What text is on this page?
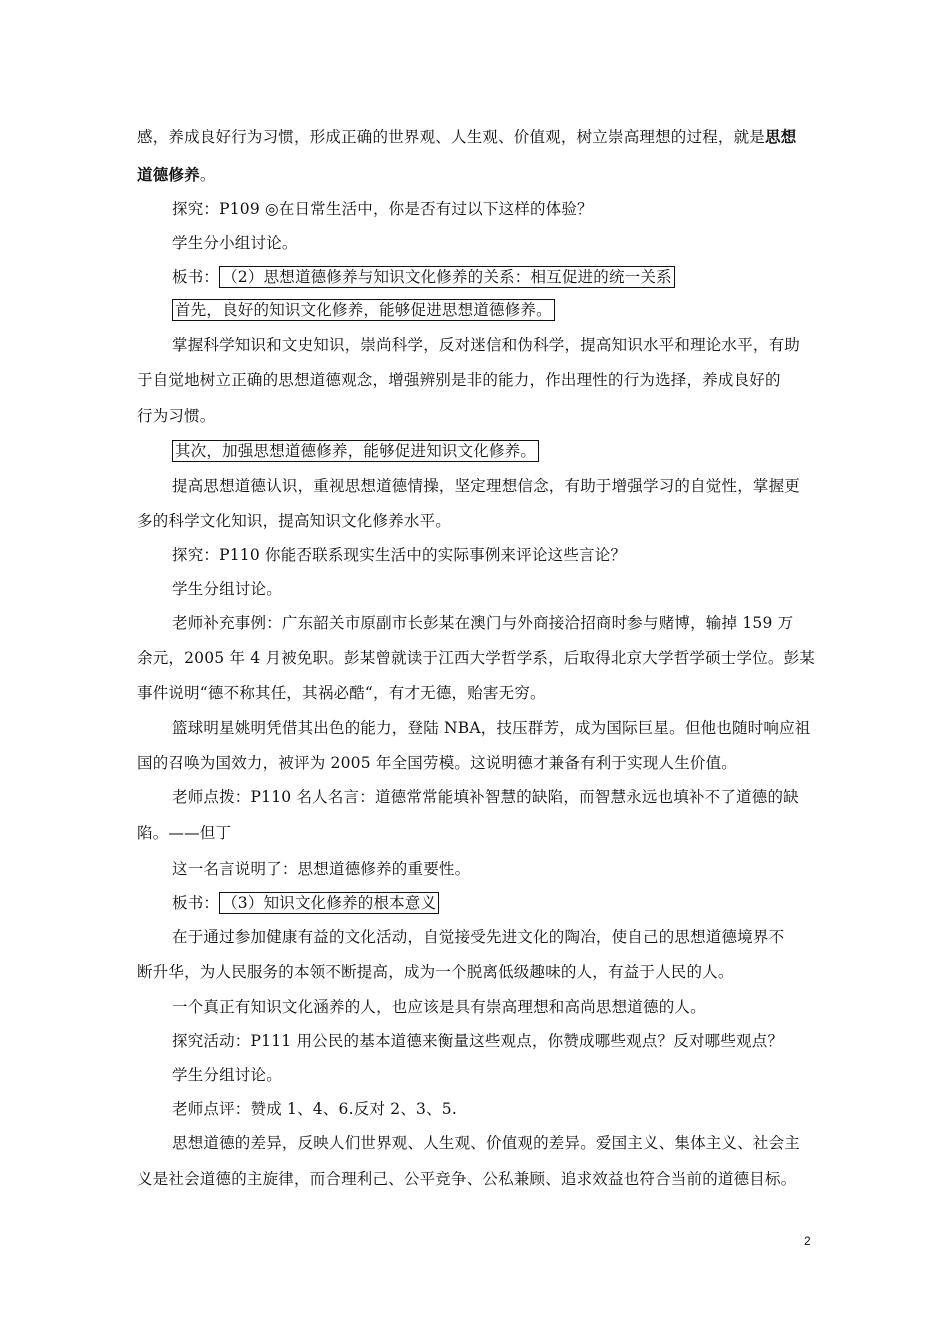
感，养成良好行为习惯，形成正确的世界观、人生观、价值观，树立崇高理想的过程，就是思想
道德修养。
探究：P109 ◎在日常生活中，你是否有过以下这样的体验？
学生分小组讨论。
板书： （2）思想道德修养与知识文化修养的关系：相互促进的统一关系
首先，良好的知识文化修养，能够促进思想道德修养。
掌握科学知识和文史知识，崇尚科学，反对迷信和伪科学，提高知识水平和理论水平，有助
于自觉地树立正确的思想道德观念，增强辨别是非的能力，作出理性的行为选择，养成良好的
行为习惯。
其次，加强思想道德修养，能够促进知识文化修养。
提高思想道德认识，重视思想道德情操，坚定理想信念，有助于增强学习的自觉性，掌握更
多的科学文化知识，提高知识文化修养水平。
探究：P110 你能否联系现实生活中的实际事例来评论这些言论？
学生分组讨论。
老师补充事例：广东韶关市原副市长彭某在澳门与外商接洽招商时参与赌博，输掉 159 万
余元，2005 年 4 月被免职。彭某曾就读于江西大学哲学系，后取得北京大学哲学硕士学位。彭某
事件说明“德不称其任，其祸必酷“，有才无德，贻害无穷。
篮球明星姚明凭借其出色的能力，登陆 NBA，技压群芳，成为国际巨星。但他也随时响应祖
国的召唤为国效力，被评为 2005 年全国劳模。这说明德才兼备有利于实现人生价值。
老师点拨：P110 名人名言：道德常常能填补智慧的缺陷，而智慧永远也填补不了道德的缺
陷。——但丁
这一名言说明了：思想道德修养的重要性。
板书： （3）知识文化修养的根本意义
在于通过参加健康有益的文化活动，自觉接受先进文化的陶冶，使自己的思想道德境界不
断升华，为人民服务的本领不断提高，成为一个脱离低级趣味的人，有益于人民的人。
一个真正有知识文化涵养的人，也应该是具有崇高理想和高尚思想道德的人。
探究活动：P111 用公民的基本道德来衡量这些观点，你赞成哪些观点？反对哪些观点？
学生分组讨论。
老师点评：赞成 1、4、6.反对 2、3、5.
思想道德的差异，反映人们世界观、人生观、价值观的差异。爱国主义、集体主义、社会主
义是社会道德的主旋律，而合理利己、公平竞争、公私兼顾、追求效益也符合当前的道德目标。
2
